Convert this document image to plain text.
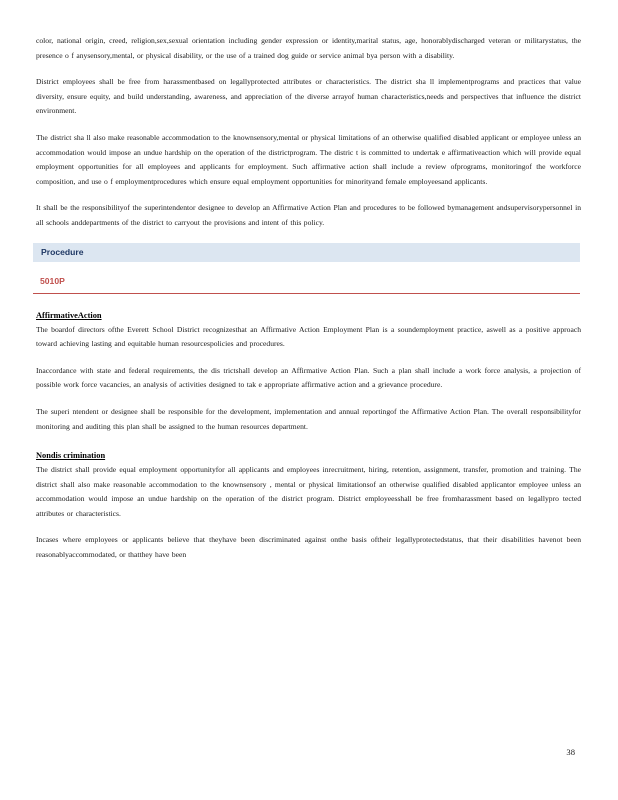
color, national origin, creed, religion,sex,sexual orientation including gender expression or identity,marital status, age, honorablydischarged veteran or militarystatus, the presence o f anysensory,mental, or physical disability, or the use of a trained dog guide or service animal bya person with a disability.

District employees shall be free from harassmentbased on legallyprotected attributes or characteristics. The district sha ll implementprograms and practices that value diversity, ensure equity, and build understanding, awareness, and appreciation of the diverse arrayof human characteristics,needs and perspectives that influence the district environment.

The district sha ll also make reasonable accommodation to the knownsensory,mental or physical limitations of an otherwise qualified disabled applicant or employee unless an accommodation would impose an undue hardship on the operation of the districtprogram. The distric t is committed to undertak e affirmativeaction which will provide equal employment opportunities for all employees and applicants for employment. Such affirmative action shall include a review ofprograms, monitoringof the workforce composition, and use o f employmentprocedures which ensure equal employment opportunities for minorityand female employeesand applicants.

It shall be the responsibilityof the superintendentor designee to develop an Affirmative Action Plan and procedures to be followed bymanagement andsupervisorypersonnel in all schools anddepartments of the district to carryout the provisions and intent of this policy.

Procedure
5010P
AffirmativeAction

The boardof directors ofthe Everett School District recognizesthat an Affirmative Action Employment Plan is a soundemployment practice, aswell as a positive approach toward achieving lasting and equitable human resourcespolicies and procedures.

Inaccordance with state and federal requirements, the dis trictshall develop an Affirmative Action Plan. Such a plan shall include a work force analysis, a projection of possible work force vacancies, an analysis of activities designed to tak e appropriate affirmative action and a grievance procedure.

The superi ntendent or designee shall be responsible for the development, implementation and annual reportingof the Affirmative Action Plan. The overall responsibilityfor monitoring and auditing this plan shall be assigned to the human resources department.

Nondis crimination

The district shall provide equal employment opportunityfor all applicants and employees inrecruitment, hiring, retention, assignment, transfer, promotion and training. The district shall also make reasonable accommodation to the knownsensory , mental or physical limitationsof an otherwise qualified disabled applicantor employee unless an accommodation would impose an undue hardship on the operation of the district program. District employeesshall be free fromharassment based on legallypro tected attributes or characteristics.

Incases where employees or applicants believe that theyhave been discriminated against onthe basis oftheir legallyprotectedstatus, that their disabilities havenot been reasonablyaccommodated, or thatthey have been

38
